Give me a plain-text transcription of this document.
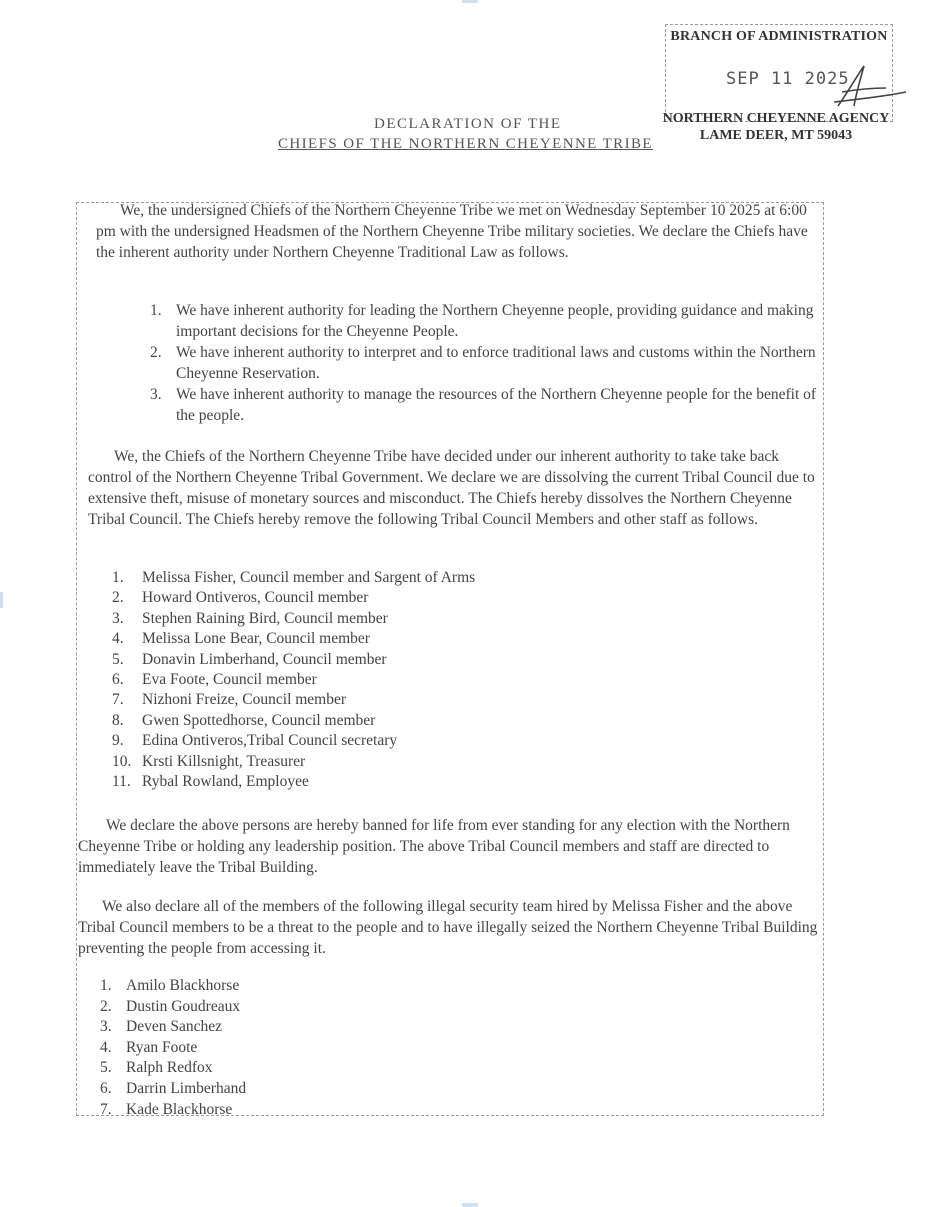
BRANCH OF ADMINISTRATION
SEP 11 2025
NORTHERN CHEYENNE AGENCY
LAME DEER, MT 59043
DECLARATION OF THE
CHIEFS OF THE NORTHERN CHEYENNE TRIBE

We, the undersigned Chiefs of the Northern Cheyenne Tribe we met on Wednesday September 10 2025 at 6:00 pm with the undersigned Headsmen of the Northern Cheyenne Tribe military societies. We declare the Chiefs have the inherent authority under Northern Cheyenne Traditional Law as follows.

1. We have inherent authority for leading the Northern Cheyenne people, providing guidance and making important decisions for the Cheyenne People.
2. We have inherent authority to interpret and to enforce traditional laws and customs within the Northern Cheyenne Reservation.
3. We have inherent authority to manage the resources of the Northern Cheyenne people for the benefit of the people.

We, the Chiefs of the Northern Cheyenne Tribe have decided under our inherent authority to take take back control of the Northern Cheyenne Tribal Government. We declare we are dissolving the current Tribal Council due to extensive theft, misuse of monetary sources and misconduct. The Chiefs hereby dissolves the Northern Cheyenne Tribal Council. The Chiefs hereby remove the following Tribal Council Members and other staff as follows.

1.	Melissa Fisher, Council member and Sargent of Arms
2.	Howard Ontiveros, Council member
3.	Stephen Raining Bird, Council member
4.	Melissa Lone Bear, Council member
5.	Donavin Limberhand, Council member
6.	Eva Foote, Council member
7.	Nizhoni Freize, Council member
8.	Gwen Spottedhorse, Council member
9.	Edina Ontiveros,Tribal Council secretary
10. Krsti Killsnight, Treasurer
11. Rybal Rowland, Employee

We declare the above persons are hereby banned for life from ever standing for any election with the Northern Cheyenne Tribe or holding any leadership position. The above Tribal Council members and staff are directed to immediately leave the Tribal Building.

We also declare all of the members of the following illegal security team hired by Melissa Fisher and the above Tribal Council members to be a threat to the people and to have illegally seized the Northern Cheyenne Tribal Building preventing the people from accessing it.

1. Amilo Blackhorse
2. Dustin Goudreaux
3. Deven Sanchez
4. Ryan Foote
5. Ralph Redfox
6. Darrin Limberhand
7. Kade Blackhorse
